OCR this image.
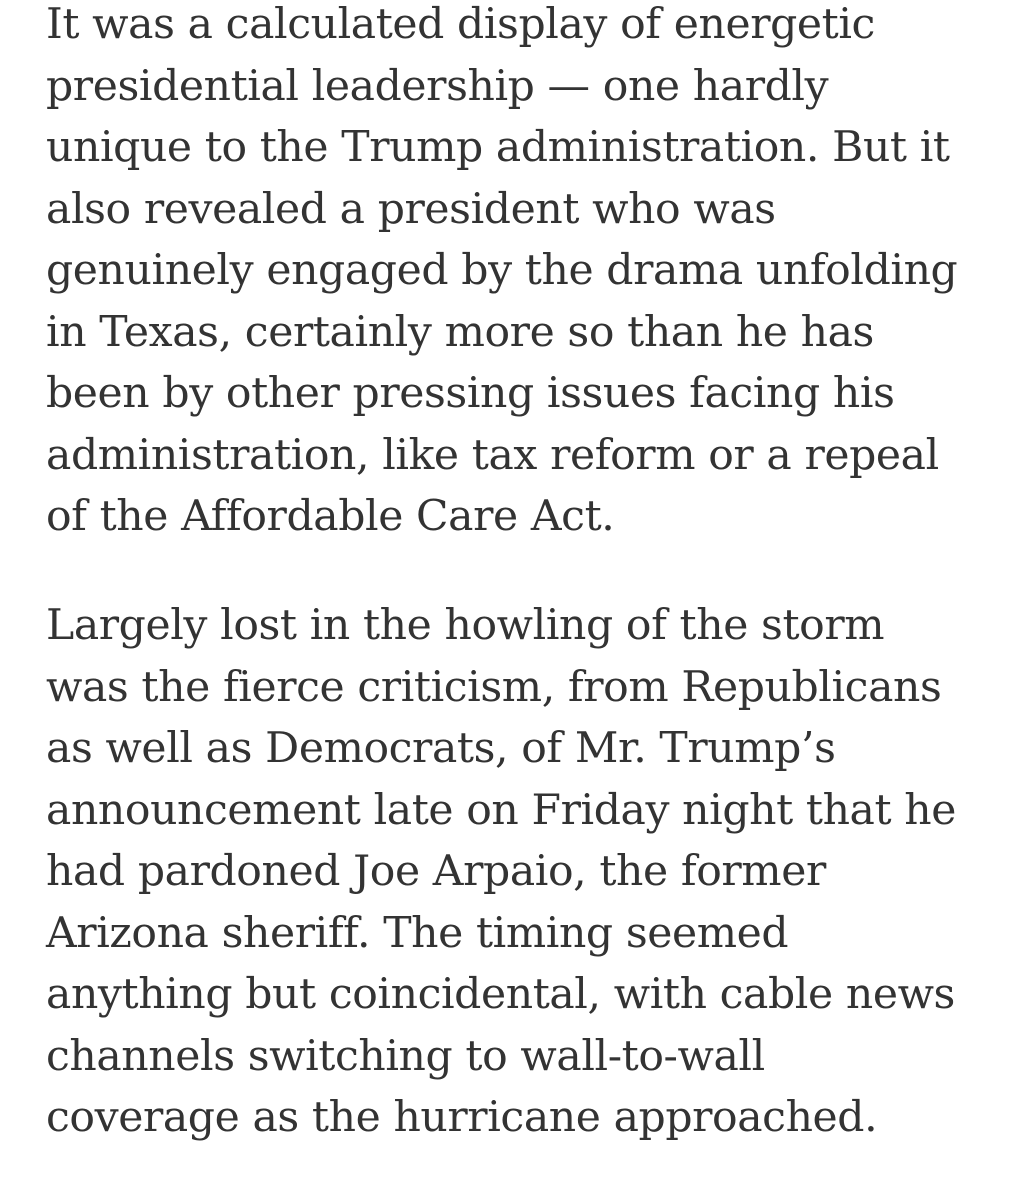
It was a calculated display of energetic
presidential leadership — one hardly
unique to the Trump administration. But it
also revealed a president who was
genuinely engaged by the drama unfolding
in Texas, certainly more so than he has
been by other pressing issues facing his
administration, like tax reform or a repeal
of the Affordable Care Act.

Largely lost in the howling of the storm
was the fierce criticism, from Republicans
as well as Democrats, of Mr. Trump’s
announcement late on Friday night that he
had pardoned Joe Arpaio, the former
Arizona sheriff. The timing seemed
anything but coincidental, with cable news
channels switching to wall-to-wall
coverage as the hurricane approached.
